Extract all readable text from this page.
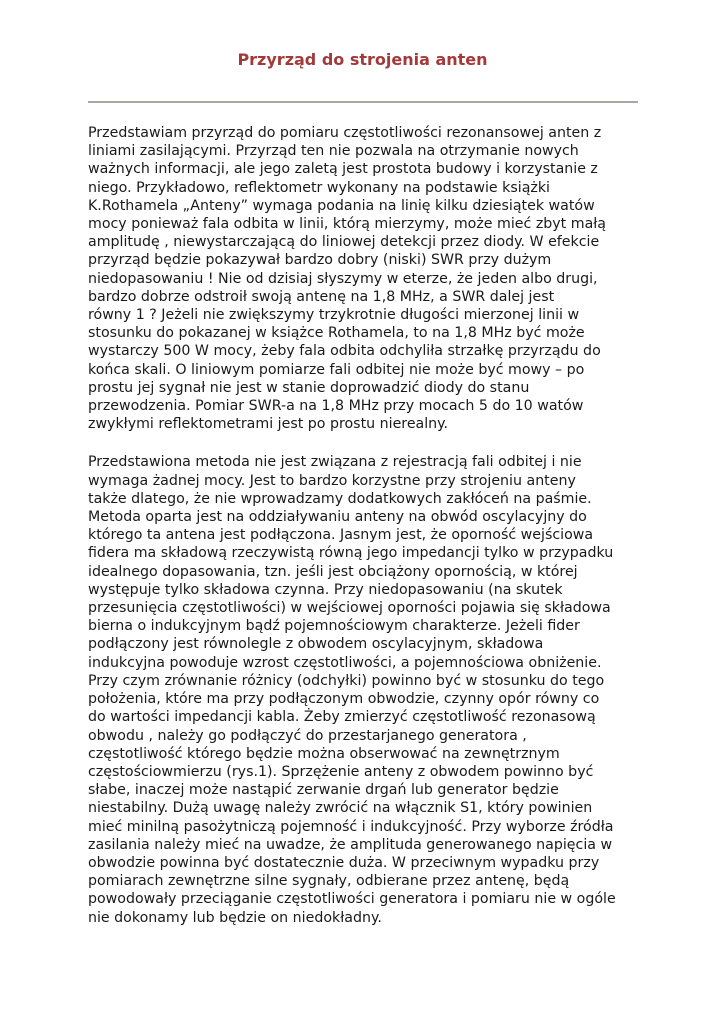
Przyrząd do strojenia anten

Przedstawiam przyrząd do pomiaru częstotliwości rezonansowej anten z
liniami zasilającymi. Przyrząd ten nie pozwala na otrzymanie nowych
ważnych informacji, ale jego zaletą jest prostota budowy i korzystanie z
niego. Przykładowo, reflektometr wykonany na podstawie książki
K.Rothamela „Anteny” wymaga podania na linię kilku dziesiątek watów
mocy ponieważ fala odbita w linii, którą mierzymy, może mieć zbyt małą
amplitudę , niewystarczającą do liniowej detekcji przez diody. W efekcie
przyrząd będzie pokazywał bardzo dobry (niski) SWR przy dużym
niedopasowaniu ! Nie od dzisiaj słyszymy w eterze, że jeden albo drugi,
bardzo dobrze odstroił swoją antenę na 1,8 MHz, a SWR dalej jest
równy 1 ? Jeżeli nie zwiększymy trzykrotnie długości mierzonej linii w
stosunku do pokazanej w książce Rothamela, to na 1,8 MHz być może
wystarczy 500 W mocy, żeby fala odbita odchyliła strzałkę przyrządu do
końca skali. O liniowym pomiarze fali odbitej nie może być mowy – po
prostu jej sygnał nie jest w stanie doprowadzić diody do stanu
przewodzenia. Pomiar SWR-a na 1,8 MHz przy mocach 5 do 10 watów
zwykłymi reflektometrami jest po prostu nierealny.

Przedstawiona metoda nie jest związana z rejestracją fali odbitej i nie
wymaga żadnej mocy. Jest to bardzo korzystne przy strojeniu anteny
także dlatego, że nie wprowadzamy dodatkowych zakłóceń na paśmie.
Metoda oparta jest na oddziaływaniu anteny na obwód oscylacyjny do
którego ta antena jest podłączona. Jasnym jest, że oporność wejściowa
fidera ma składową rzeczywistą równą jego impedancji tylko w przypadku
idealnego dopasowania, tzn. jeśli jest obciążony opornością, w której
występuje tylko składowa czynna. Przy niedopasowaniu (na skutek
przesunięcia częstotliwości) w wejściowej oporności pojawia się składowa
bierna o indukcyjnym bądź pojemnościowym charakterze. Jeżeli fider
podłączony jest równolegle z obwodem oscylacyjnym, składowa
indukcyjna powoduje wzrost częstotliwości, a pojemnościowa obniżenie.
Przy czym zrównanie różnicy (odchyłki) powinno być w stosunku do tego
położenia, które ma przy podłączonym obwodzie, czynny opór równy co
do wartości impedancji kabla. Żeby zmierzyć częstotliwość rezonasową
obwodu , należy go podłączyć do przestarjanego generatora ,
częstotliwość którego będzie można obserwować na zewnętrznym
częstościowmierzu (rys.1). Sprzężenie anteny z obwodem powinno być
słabe, inaczej może nastąpić zerwanie drgań lub generator będzie
niestabilny. Dużą uwagę należy zwrócić na włącznik S1, który powinien
mieć minilną pasożytniczą pojemność i indukcyjność. Przy wyborze źródła
zasilania należy mieć na uwadze, że amplituda generowanego napięcia w
obwodzie powinna być dostatecznie duża. W przeciwnym wypadku przy
pomiarach zewnętrzne silne sygnały, odbierane przez antenę, będą
powodowały przeciąganie częstotliwości generatora i pomiaru nie w ogóle
nie dokonamy lub będzie on niedokładny.
